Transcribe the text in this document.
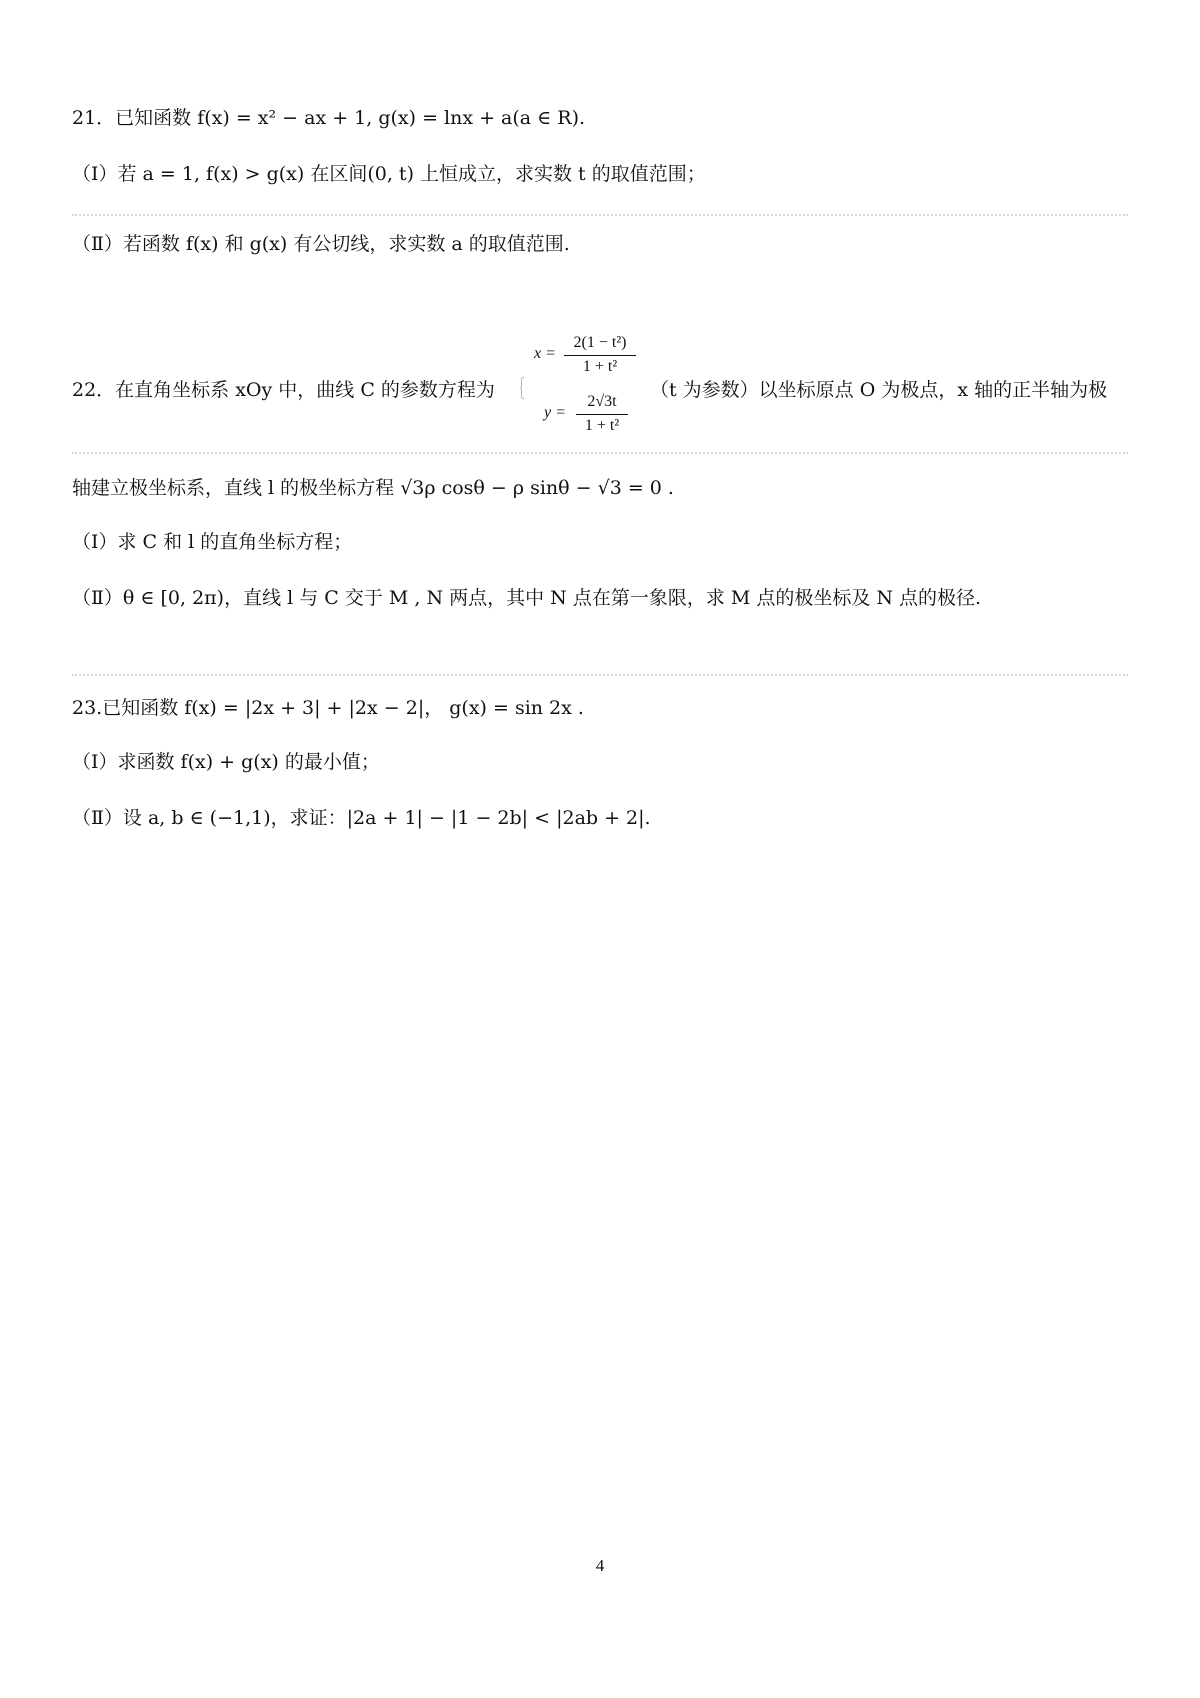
21．已知函数 f(x) = x² − ax + 1, g(x) = lnx + a(a ∈ R).
（Ⅰ）若 a = 1, f(x) > g(x) 在区间(0, t) 上恒成立，求实数 t 的取值范围；
（Ⅱ）若函数 f(x) 和 g(x) 有公切线，求实数 a 的取值范围.
22．在直角坐标系 xOy 中，曲线 C 的参数方程为
x =
2(1 − t²)
1 + t²
y =
2√3t
1 + t²
（t 为参数）以坐标原点 O 为极点，x 轴的正半轴为极
轴建立极坐标系，直线 l 的极坐标方程 √3ρ cosθ − ρ sinθ − √3 = 0 .
（Ⅰ）求 C 和 l 的直角坐标方程；
（Ⅱ）θ ∈ [0, 2π)，直线 l 与 C 交于 M , N 两点，其中 N 点在第一象限，求 M 点的极坐标及 N 点的极径.
23.已知函数 f(x) = |2x + 3| + |2x − 2|， g(x) = sin 2x .
（Ⅰ）求函数 f(x) + g(x) 的最小值；
（Ⅱ）设 a, b ∈ (−1,1)，求证：|2a + 1| − |1 − 2b| < |2ab + 2|.
4
